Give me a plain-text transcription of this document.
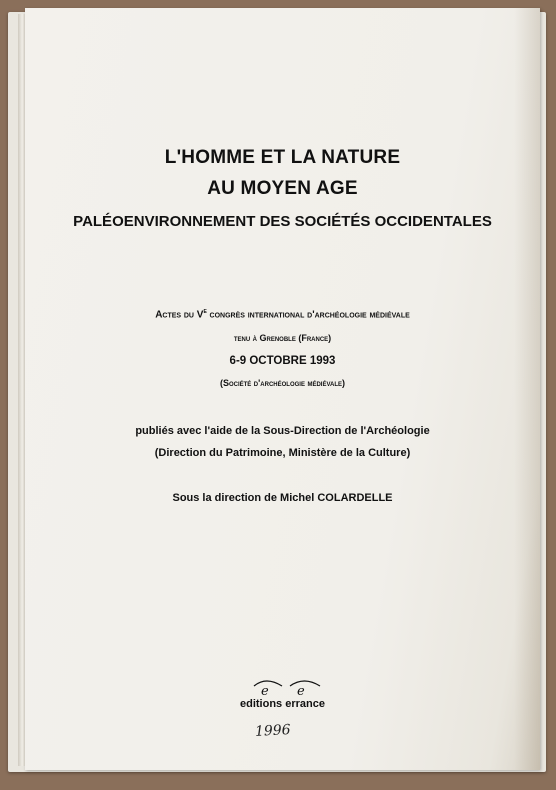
L'HOMME ET LA NATURE
AU MOYEN AGE
PALÉOENVIRONNEMENT DES SOCIÉTÉS OCCIDENTALES
Actes du Ve congrès international d'archéologie médiévale
tenu à Grenoble (France)
6-9 OCTOBRE 1993
(Société d'archéologie médiévale)
publiés avec l'aide de la Sous-Direction de l'Archéologie
(Direction du Patrimoine, Ministère de la Culture)
Sous la direction de Michel COLARDELLE
e e
editions errance
1996
